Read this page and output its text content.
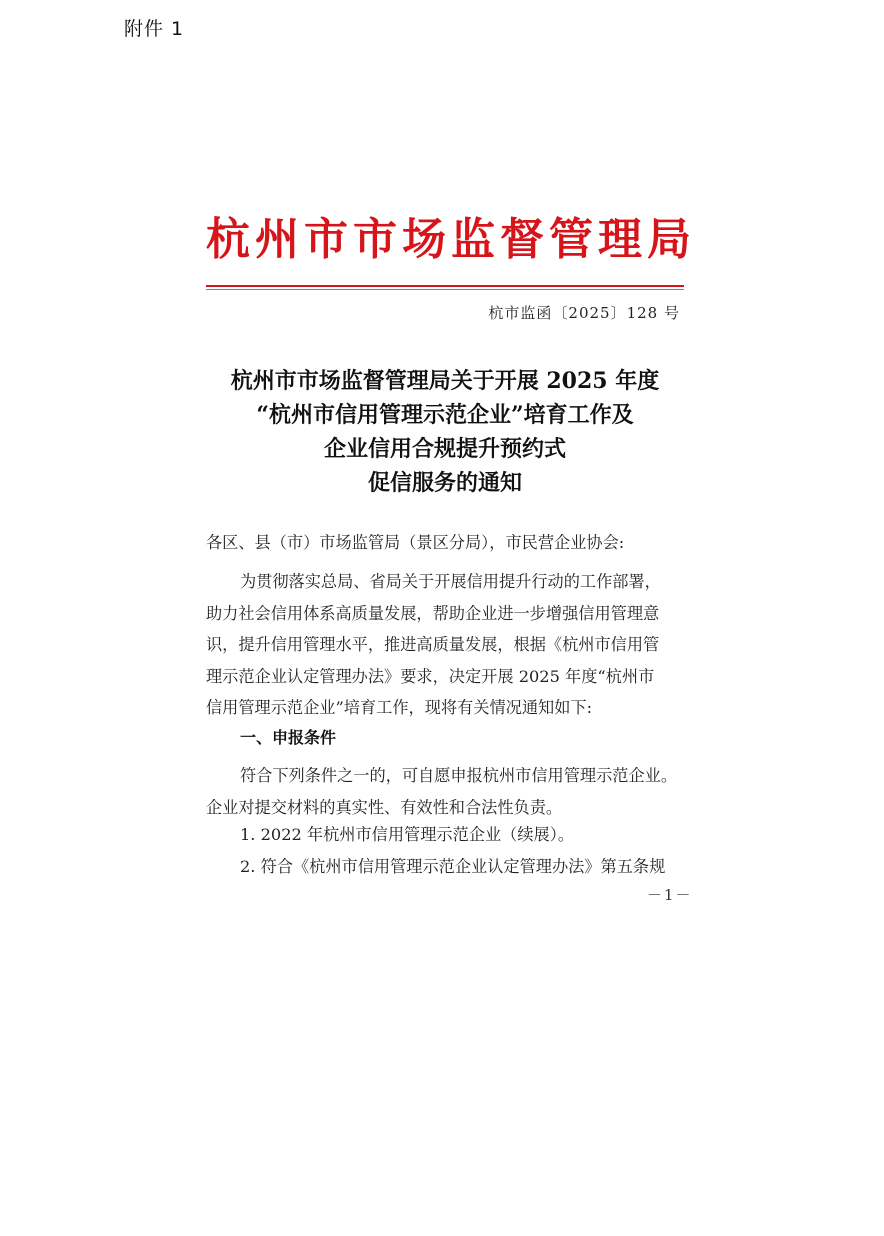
附件 1
杭州市市场监督管理局
杭市监函〔2025〕128 号
杭州市市场监督管理局关于开展 2025 年度
“杭州市信用管理示范企业”培育工作及
企业信用合规提升预约式
促信服务的通知
各区、县（市）市场监管局（景区分局），市民营企业协会:
为贯彻落实总局、省局关于开展信用提升行动的工作部署，
助力社会信用体系高质量发展，帮助企业进一步增强信用管理意
识，提升信用管理水平，推进高质量发展，根据《杭州市信用管
理示范企业认定管理办法》要求，决定开展 2025 年度“杭州市
信用管理示范企业”培育工作，现将有关情况通知如下:
一、申报条件
符合下列条件之一的，可自愿申报杭州市信用管理示范企业。
企业对提交材料的真实性、有效性和合法性负责。
1. 2022 年杭州市信用管理示范企业（续展）。
2. 符合《杭州市信用管理示范企业认定管理办法》第五条规
－1－
